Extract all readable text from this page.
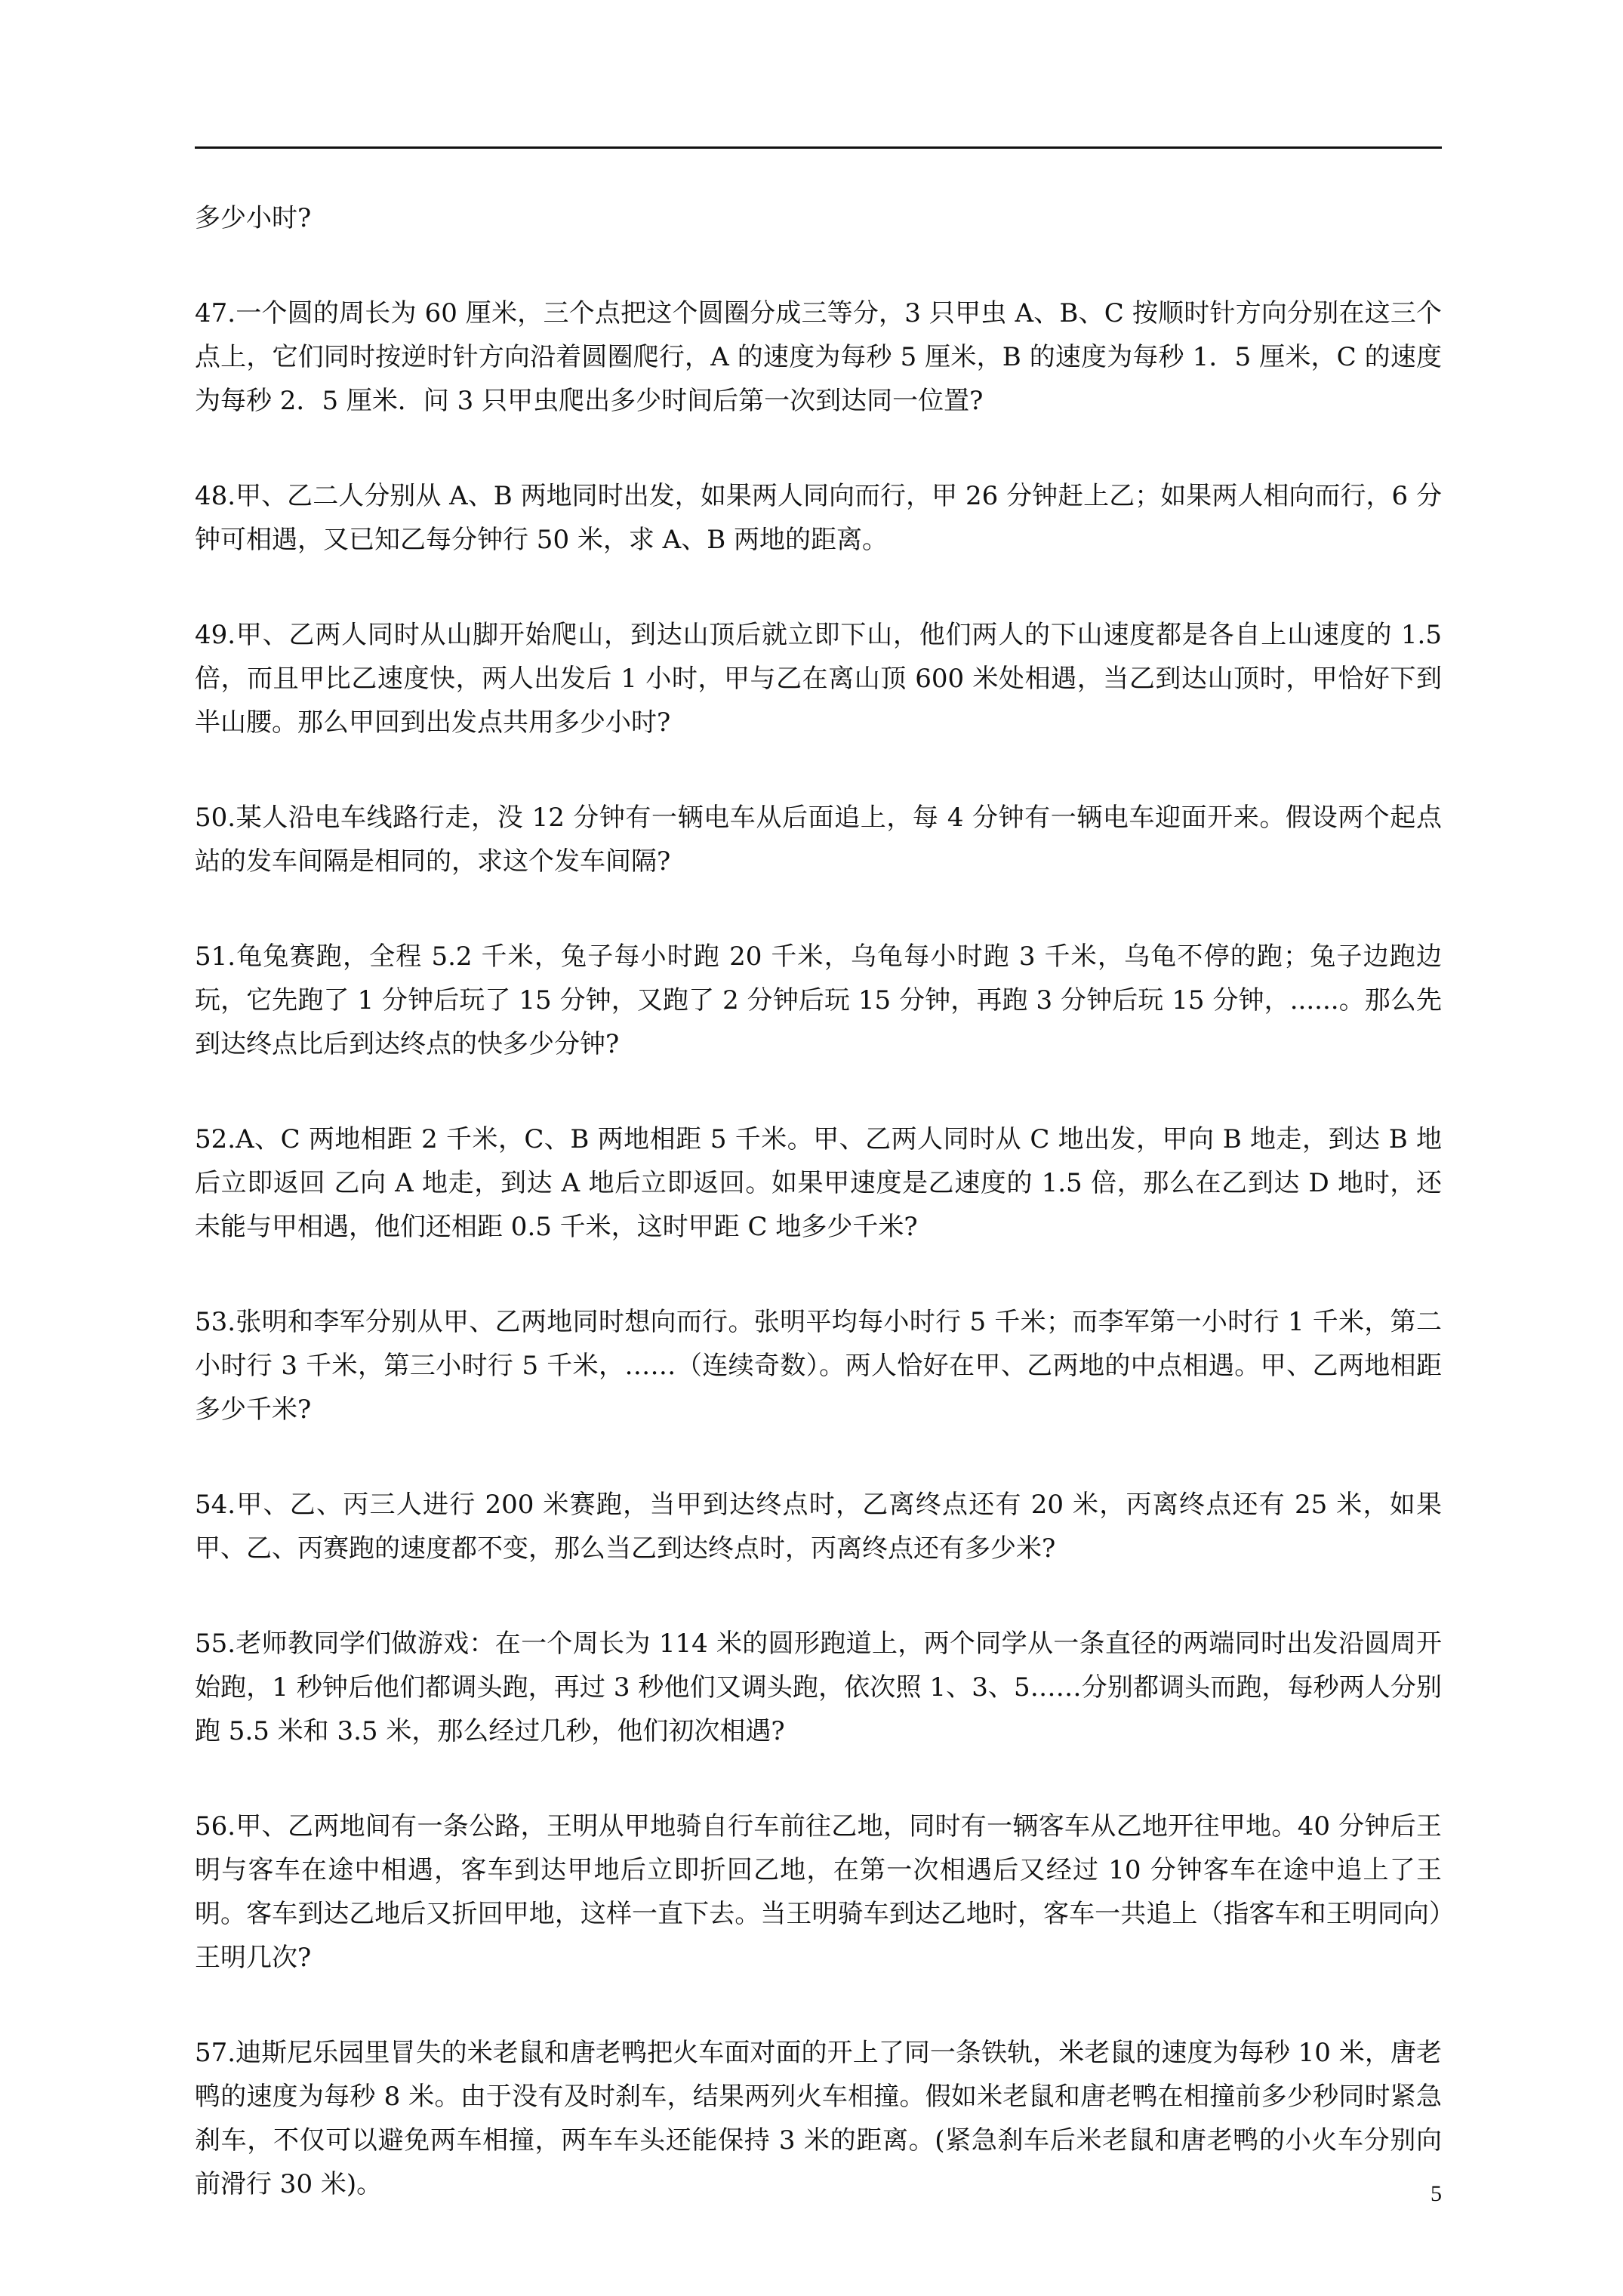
多少小时?
47.一个圆的周长为 60 厘米，三个点把这个圆圈分成三等分，3 只甲虫 A、B、C 按顺时针方向分别在这三个点上，它们同时按逆时针方向沿着圆圈爬行，A 的速度为每秒 5 厘米，B 的速度为每秒 1．5 厘米，C 的速度为每秒 2．5 厘米．问 3 只甲虫爬出多少时间后第一次到达同一位置?
48.甲、乙二人分别从 A、B 两地同时出发，如果两人同向而行，甲 26 分钟赶上乙；如果两人相向而行，6 分钟可相遇，又已知乙每分钟行 50 米，求 A、B 两地的距离。
49.甲、乙两人同时从山脚开始爬山，到达山顶后就立即下山，他们两人的下山速度都是各自上山速度的 1.5 倍，而且甲比乙速度快，两人出发后 1 小时，甲与乙在离山顶 600 米处相遇，当乙到达山顶时，甲恰好下到半山腰。那么甲回到出发点共用多少小时?
50.某人沿电车线路行走，没 12 分钟有一辆电车从后面追上，每 4 分钟有一辆电车迎面开来。假设两个起点站的发车间隔是相同的，求这个发车间隔?
51.龟兔赛跑，全程 5.2 千米，兔子每小时跑 20 千米，乌龟每小时跑 3 千米，乌龟不停的跑；兔子边跑边玩，它先跑了 1 分钟后玩了 15 分钟，又跑了 2 分钟后玩 15 分钟，再跑 3 分钟后玩 15 分钟，......。那么先到达终点比后到达终点的快多少分钟?
52.A、C 两地相距 2 千米，C、B 两地相距 5 千米。甲、乙两人同时从 C 地出发，甲向 B 地走，到达 B 地后立即返回 乙向 A 地走，到达 A 地后立即返回。如果甲速度是乙速度的 1.5 倍，那么在乙到达 D 地时，还未能与甲相遇，他们还相距 0.5 千米，这时甲距 C 地多少千米?
53.张明和李军分别从甲、乙两地同时想向而行。张明平均每小时行 5 千米；而李军第一小时行 1 千米，第二小时行 3 千米，第三小时行 5 千米，……（连续奇数）。两人恰好在甲、乙两地的中点相遇。甲、乙两地相距多少千米?
54.甲、乙、丙三人进行 200 米赛跑，当甲到达终点时，乙离终点还有 20 米，丙离终点还有 25 米，如果甲、乙、丙赛跑的速度都不变，那么当乙到达终点时，丙离终点还有多少米?
55.老师教同学们做游戏：在一个周长为 114 米的圆形跑道上，两个同学从一条直径的两端同时出发沿圆周开始跑，1 秒钟后他们都调头跑，再过 3 秒他们又调头跑，依次照 1、3、5……分别都调头而跑，每秒两人分别跑 5.5 米和 3.5 米，那么经过几秒，他们初次相遇?
56.甲、乙两地间有一条公路，王明从甲地骑自行车前往乙地，同时有一辆客车从乙地开往甲地。40 分钟后王明与客车在途中相遇，客车到达甲地后立即折回乙地，在第一次相遇后又经过 10 分钟客车在途中追上了王明。客车到达乙地后又折回甲地，这样一直下去。当王明骑车到达乙地时，客车一共追上（指客车和王明同向）王明几次?
57.迪斯尼乐园里冒失的米老鼠和唐老鸭把火车面对面的开上了同一条铁轨，米老鼠的速度为每秒 10 米，唐老鸭的速度为每秒 8 米。由于没有及时刹车，结果两列火车相撞。假如米老鼠和唐老鸭在相撞前多少秒同时紧急刹车，不仅可以避免两车相撞，两车车头还能保持 3 米的距离。(紧急刹车后米老鼠和唐老鸭的小火车分别向前滑行 30 米)。	5
